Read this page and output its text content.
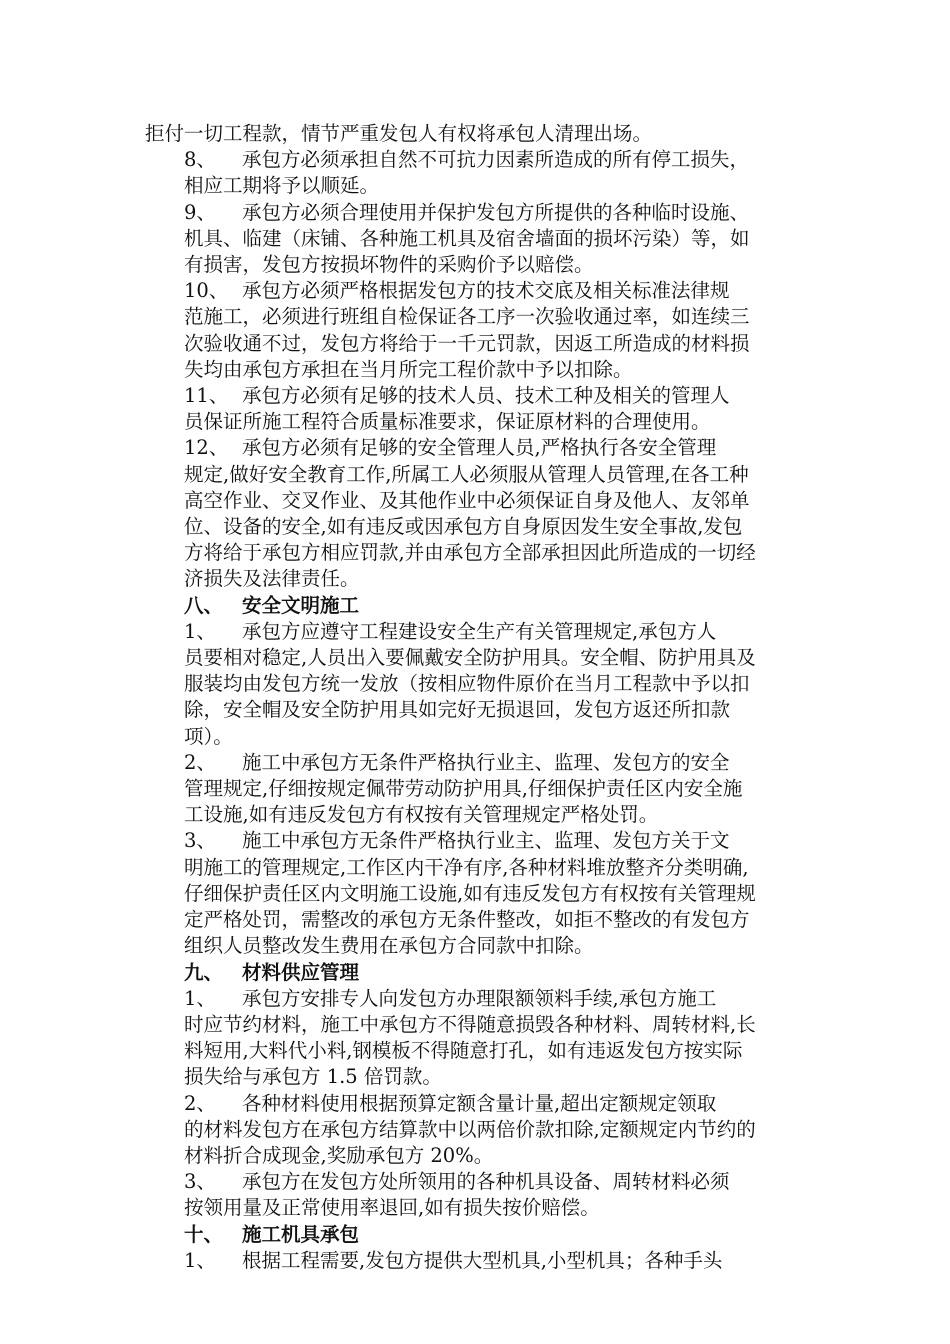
拒付一切工程款，情节严重发包人有权将承包人清理出场。
8、 承包方必须承担自然不可抗力因素所造成的所有停工损失，
相应工期将予以顺延。
9、 承包方必须合理使用并保护发包方所提供的各种临时设施、
机具、临建（床铺、各种施工机具及宿舍墙面的损坏污染）等，如
有损害，发包方按损坏物件的采购价予以赔偿。
10、 承包方必须严格根据发包方的技术交底及相关标准法律规
范施工，必须进行班组自检保证各工序一次验收通过率，如连续三
次验收通不过，发包方将给于一千元罚款，因返工所造成的材料损
失均由承包方承担在当月所完工程价款中予以扣除。
11、 承包方必须有足够的技术人员、技术工种及相关的管理人
员保证所施工程符合质量标准要求，保证原材料的合理使用。
12、 承包方必须有足够的安全管理人员,严格执行各安全管理
规定,做好安全教育工作,所属工人必须服从管理人员管理,在各工种
高空作业、交叉作业、及其他作业中必须保证自身及他人、友邻单
位、设备的安全,如有违反或因承包方自身原因发生安全事故,发包
方将给于承包方相应罚款,并由承包方全部承担因此所造成的一切经
济损失及法律责任。
八、 安全文明施工
1、 承包方应遵守工程建设安全生产有关管理规定,承包方人
员要相对稳定,人员出入要佩戴安全防护用具。安全帽、防护用具及
服装均由发包方统一发放（按相应物件原价在当月工程款中予以扣
除，安全帽及安全防护用具如完好无损退回，发包方返还所扣款
项）。
2、 施工中承包方无条件严格执行业主、监理、发包方的安全
管理规定,仔细按规定佩带劳动防护用具,仔细保护责任区内安全施
工设施,如有违反发包方有权按有关管理规定严格处罚。
3、 施工中承包方无条件严格执行业主、监理、发包方关于文
明施工的管理规定,工作区内干净有序,各种材料堆放整齐分类明确,
仔细保护责任区内文明施工设施,如有违反发包方有权按有关管理规
定严格处罚，需整改的承包方无条件整改，如拒不整改的有发包方
组织人员整改发生费用在承包方合同款中扣除。
九、 材料供应管理
1、 承包方安排专人向发包方办理限额领料手续,承包方施工
时应节约材料，施工中承包方不得随意损毁各种材料、周转材料,长
料短用,大料代小料,钢模板不得随意打孔，如有违返发包方按实际
损失给与承包方 1.5 倍罚款。
2、 各种材料使用根据预算定额含量计量,超出定额规定领取
的材料发包方在承包方结算款中以两倍价款扣除,定额规定内节约的
材料折合成现金,奖励承包方 20%。
3、 承包方在发包方处所领用的各种机具设备、周转材料必须
按领用量及正常使用率退回,如有损失按价赔偿。
十、 施工机具承包
1、 根据工程需要,发包方提供大型机具,小型机具；各种手头
